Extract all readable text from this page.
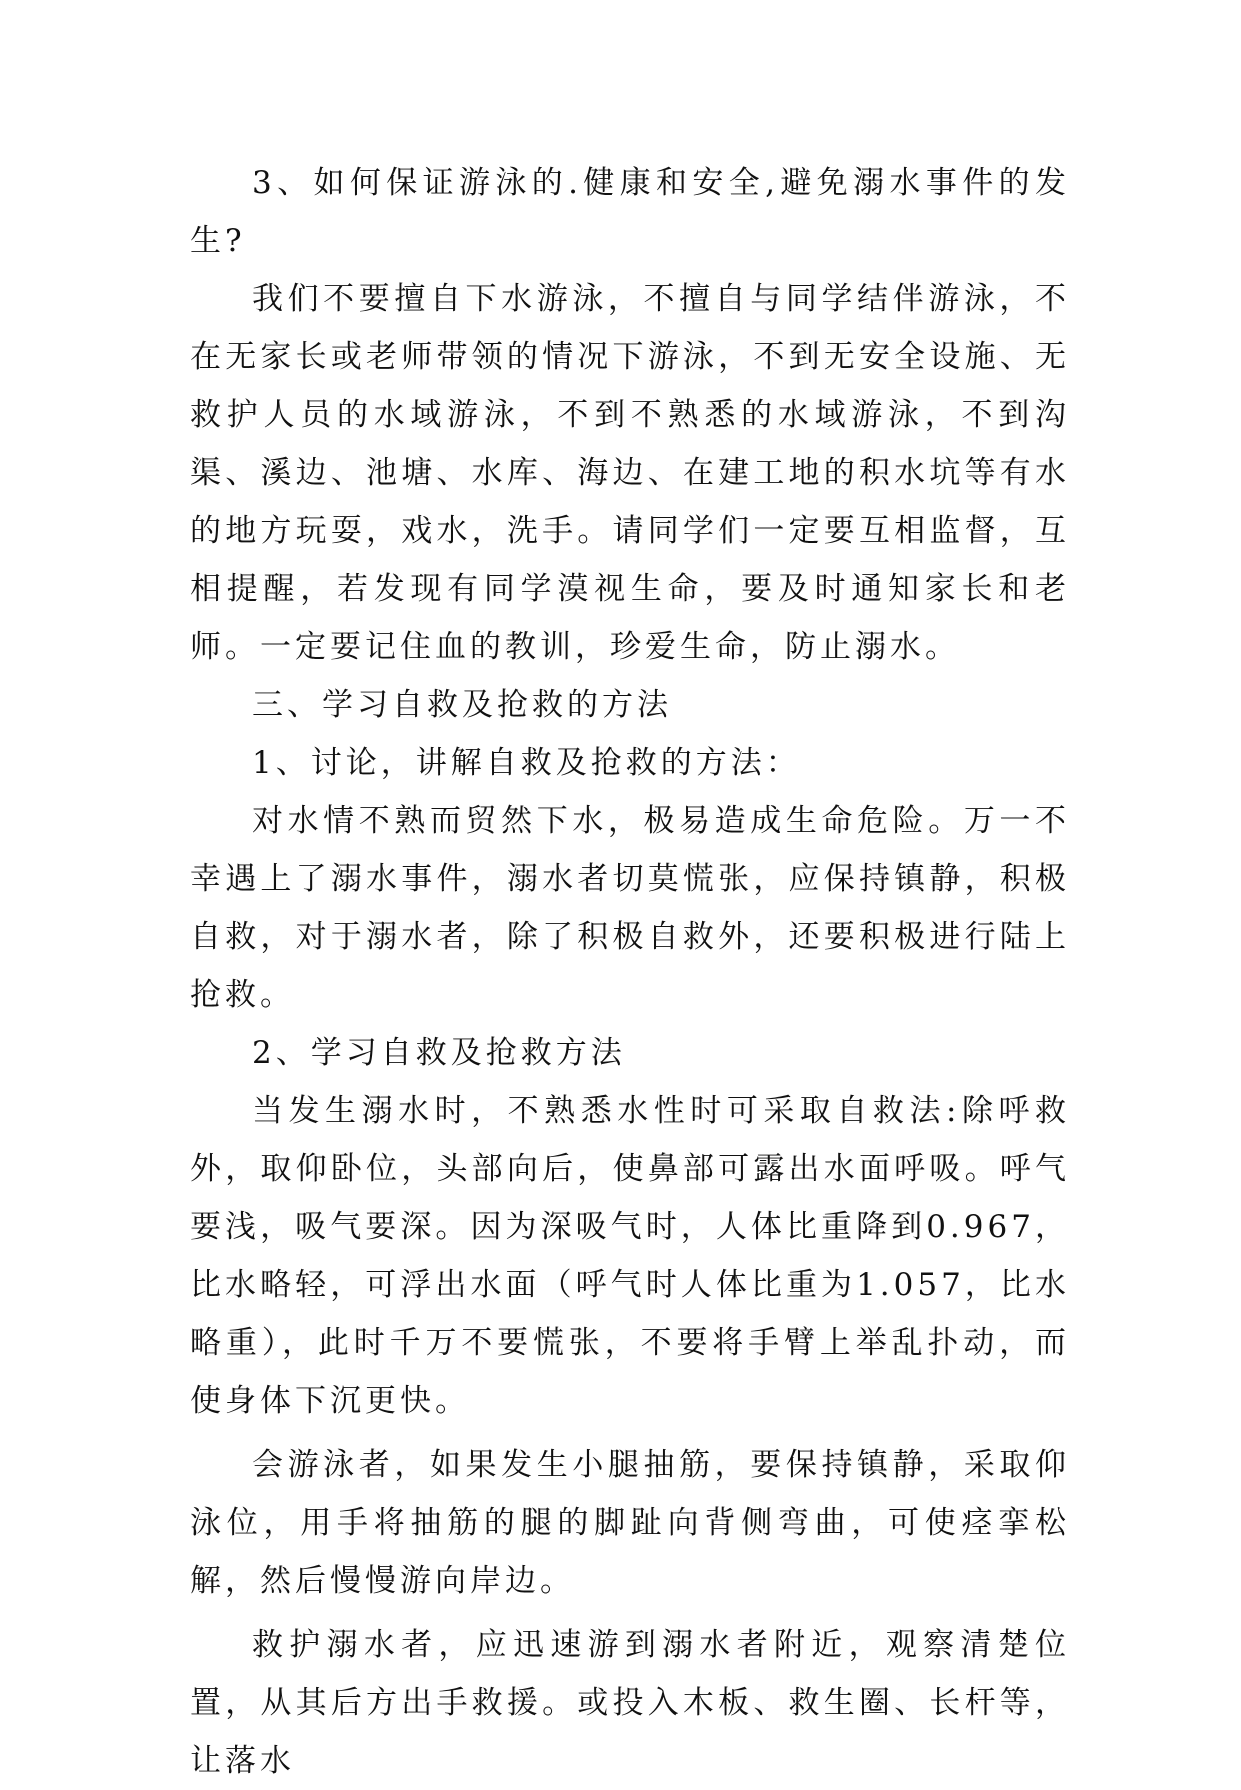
3、如何保证游泳的.健康和安全,避免溺水事件的发生?

我们不要擅自下水游泳，不擅自与同学结伴游泳，不在无家长或老师带领的情况下游泳，不到无安全设施、无救护人员的水域游泳，不到不熟悉的水域游泳，不到沟渠、溪边、池塘、水库、海边、在建工地的积水坑等有水的地方玩耍，戏水，洗手。请同学们一定要互相监督，互相提醒，若发现有同学漠视生命，要及时通知家长和老师。一定要记住血的教训，珍爱生命，防止溺水。

三、学习自救及抢救的方法

1、讨论，讲解自救及抢救的方法：

对水情不熟而贸然下水，极易造成生命危险。万一不幸遇上了溺水事件，溺水者切莫慌张，应保持镇静，积极自救，对于溺水者，除了积极自救外，还要积极进行陆上抢救。

2、学习自救及抢救方法

当发生溺水时，不熟悉水性时可采取自救法:除呼救外，取仰卧位，头部向后，使鼻部可露出水面呼吸。呼气要浅，吸气要深。因为深吸气时，人体比重降到0.967，比水略轻，可浮出水面（呼气时人体比重为1.057，比水略重），此时千万不要慌张，不要将手臂上举乱扑动，而使身体下沉更快。

会游泳者，如果发生小腿抽筋，要保持镇静，采取仰泳位，用手将抽筋的腿的脚趾向背侧弯曲，可使痉挛松解，然后慢慢游向岸边。

救护溺水者，应迅速游到溺水者附近，观察清楚位置，从其后方出手救援。或投入木板、救生圈、长杆等，让落水
